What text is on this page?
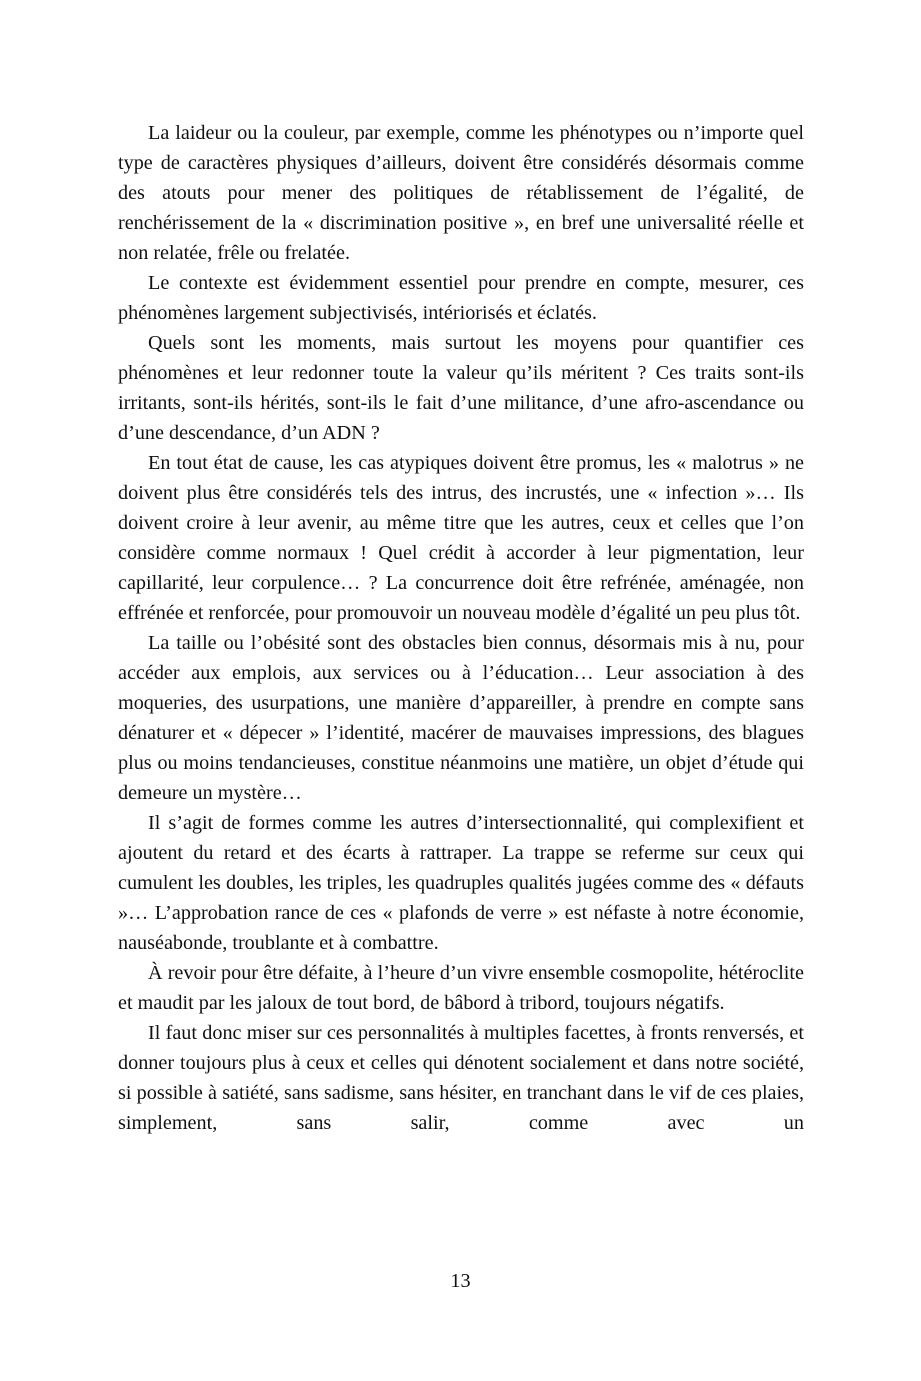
La laideur ou la couleur, par exemple, comme les phénotypes ou n’importe quel type de caractères physiques d’ailleurs, doivent être considérés désormais comme des atouts pour mener des politiques de rétablissement de l’égalité, de renchérissement de la « discrimination positive », en bref une universalité réelle et non relatée, frêle ou frelatée.

Le contexte est évidemment essentiel pour prendre en compte, mesurer, ces phénomènes largement subjectivisés, intériorisés et éclatés.

Quels sont les moments, mais surtout les moyens pour quantifier ces phénomènes et leur redonner toute la valeur qu’ils méritent ? Ces traits sont-ils irritants, sont-ils hérités, sont-ils le fait d’une militance, d’une afro-ascendance ou d’une descendance, d’un ADN ?

En tout état de cause, les cas atypiques doivent être promus, les « malotrus » ne doivent plus être considérés tels des intrus, des incrustés, une « infection »… Ils doivent croire à leur avenir, au même titre que les autres, ceux et celles que l’on considère comme normaux ! Quel crédit à accorder à leur pigmentation, leur capillarité, leur corpulence… ? La concurrence doit être refrénée, aménagée, non effrénée et renforcée, pour promouvoir un nouveau modèle d’égalité un peu plus tôt.

La taille ou l’obésité sont des obstacles bien connus, désormais mis à nu, pour accéder aux emplois, aux services ou à l’éducation… Leur association à des moqueries, des usurpations, une manière d’appareiller, à prendre en compte sans dénaturer et « dépecer » l’identité, macérer de mauvaises impressions, des blagues plus ou moins tendancieuses, constitue néanmoins une matière, un objet d’étude qui demeure un mystère…

Il s’agit de formes comme les autres d’intersectionnalité, qui complexifient et ajoutent du retard et des écarts à rattraper. La trappe se referme sur ceux qui cumulent les doubles, les triples, les quadruples qualités jugées comme des « défauts »… L’approbation rance de ces « plafonds de verre » est néfaste à notre économie, nauséabonde, troublante et à combattre.

À revoir pour être défaite, à l’heure d’un vivre ensemble cosmopolite, hétéroclite et maudit par les jaloux de tout bord, de bâbord à tribord, toujours négatifs.

Il faut donc miser sur ces personnalités à multiples facettes, à fronts renversés, et donner toujours plus à ceux et celles qui dénotent socialement et dans notre société, si possible à satiété, sans sadisme, sans hésiter, en tranchant dans le vif de ces plaies, simplement, sans salir, comme avec un

13
